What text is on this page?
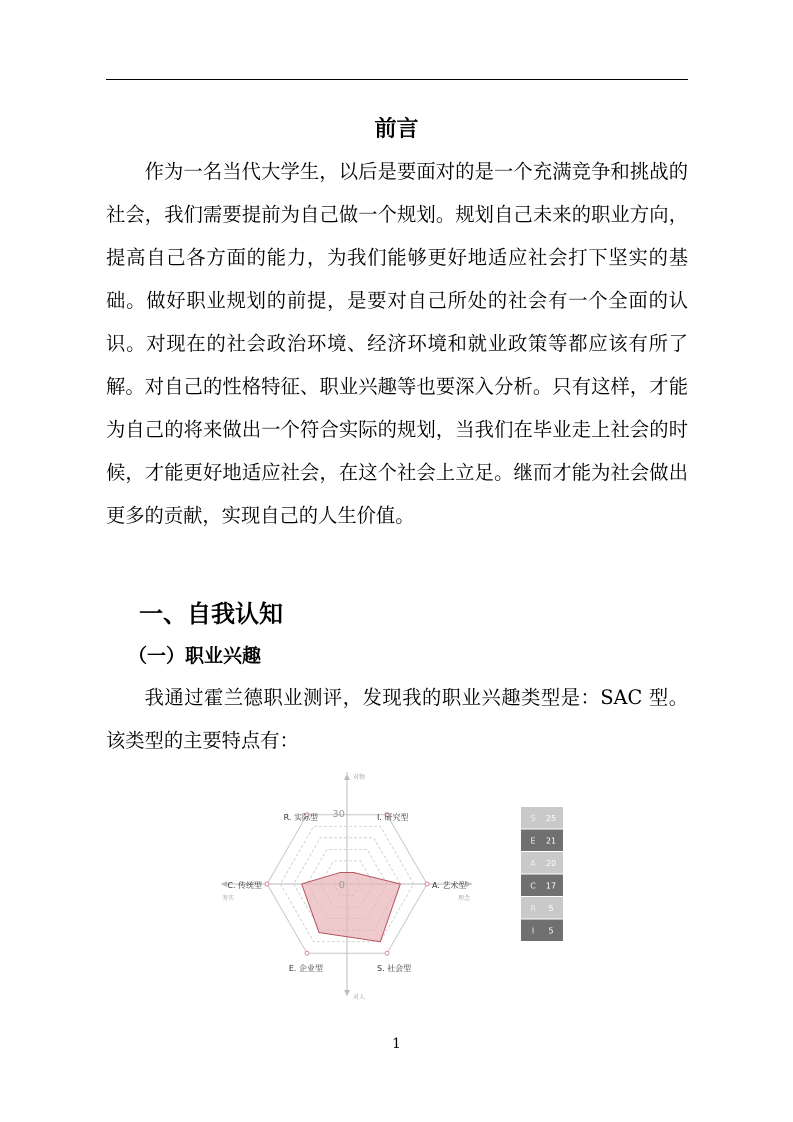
前言
作为一名当代大学生，以后是要面对的是一个充满竞争和挑战的社会，我们需要提前为自己做一个规划。规划自己未来的职业方向，提高自己各方面的能力，为我们能够更好地适应社会打下坚实的基础。做好职业规划的前提，是要对自己所处的社会有一个全面的认识。对现在的社会政治环境、经济环境和就业政策等都应该有所了解。对自己的性格特征、职业兴趣等也要深入分析。只有这样，才能为自己的将来做出一个符合实际的规划，当我们在毕业走上社会的时候，才能更好地适应社会，在这个社会上立足。继而才能为社会做出更多的贡献，实现自己的人生价值。
一、自我认知
（一）职业兴趣
我通过霍兰德职业测评，发现我的职业兴趣类型是：SAC 型。该类型的主要特点有：
A. 艺术型
I. 研究型
R. 实际型
C. 传统型
E. 企业型	S. 社会型
30
0
对物
对人
务实	理念
S 25
E 21
A 20
C 17
R 5
I 5
1
